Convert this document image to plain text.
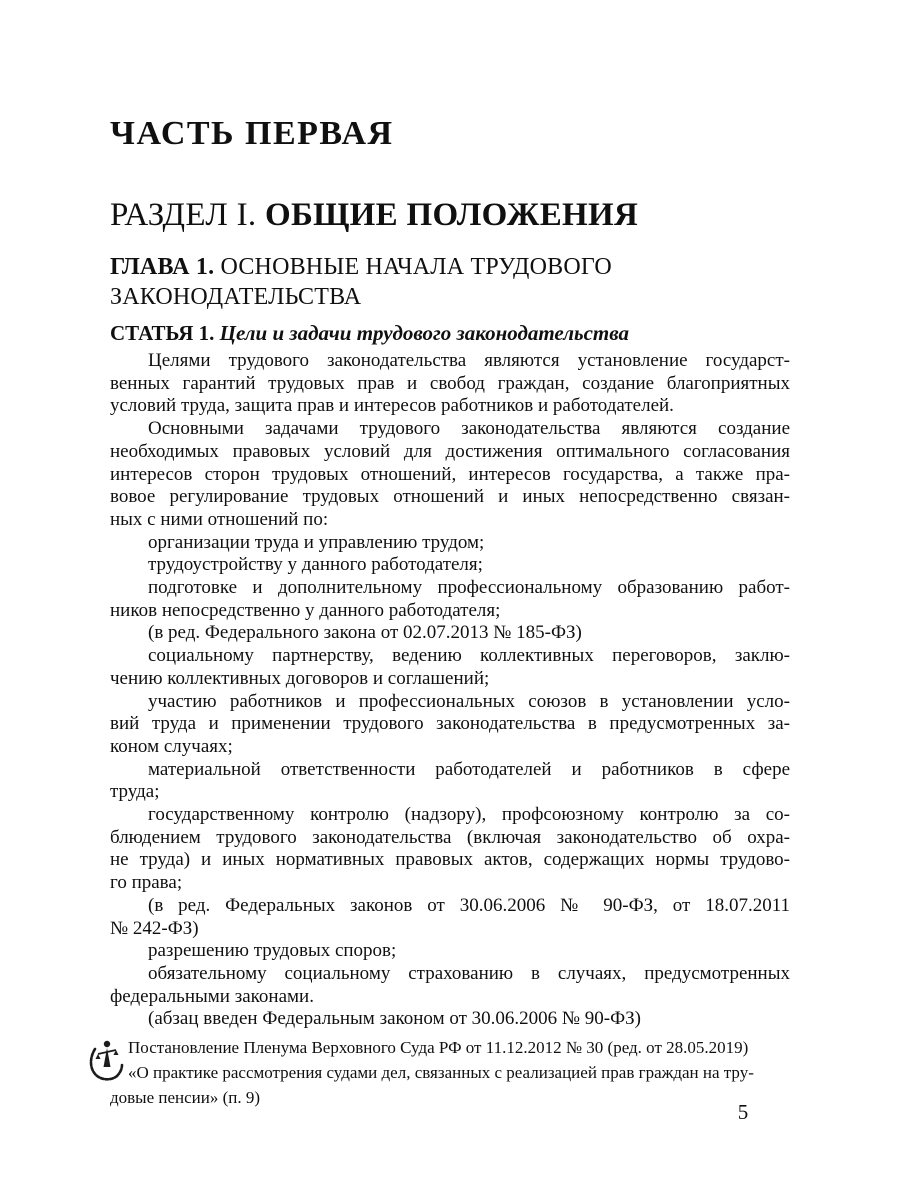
ЧАСТЬ ПЕРВАЯ
РАЗДЕЛ I. ОБЩИЕ ПОЛОЖЕНИЯ
ГЛАВА 1. ОСНОВНЫЕ НАЧАЛА ТРУДОВОГО
ЗАКОНОДАТЕЛЬСТВА
СТАТЬЯ 1. Цели и задачи трудового законодательства
Целями трудового законодательства являются установление государст-
венных гарантий трудовых прав и свобод граждан, создание благоприятных
условий труда, защита прав и интересов работников и работодателей.
Основными задачами трудового законодательства являются создание
необходимых правовых условий для достижения оптимального согласования
интересов сторон трудовых отношений, интересов государства, а также пра-
вовое регулирование трудовых отношений и иных непосредственно связан-
ных с ними отношений по:
организации труда и управлению трудом;
трудоустройству у данного работодателя;
подготовке и дополнительному профессиональному образованию работ-
ников непосредственно у данного работодателя;
(в ред. Федерального закона от 02.07.2013 № 185-ФЗ)
социальному партнерству, ведению коллективных переговоров, заклю-
чению коллективных договоров и соглашений;
участию работников и профессиональных союзов в установлении усло-
вий труда и применении трудового законодательства в предусмотренных за-
коном случаях;
материальной ответственности работодателей и работников в сфере
труда;
государственному контролю (надзору), профсоюзному контролю за со-
блюдением трудового законодательства (включая законодательство об охра-
не труда) и иных нормативных правовых актов, содержащих нормы трудово-
го права;
(в ред. Федеральных законов от 30.06.2006 № 90-ФЗ, от 18.07.2011
№ 242-ФЗ)
разрешению трудовых споров;
обязательному социальному страхованию в случаях, предусмотренных
федеральными законами.
(абзац введен Федеральным законом от 30.06.2006 № 90-ФЗ)
Постановление Пленума Верховного Суда РФ от 11.12.2012 № 30 (ред. от 28.05.2019)
«О практике рассмотрения судами дел, связанных с реализацией прав граждан на тру-
довые пенсии» (п. 9)
5
